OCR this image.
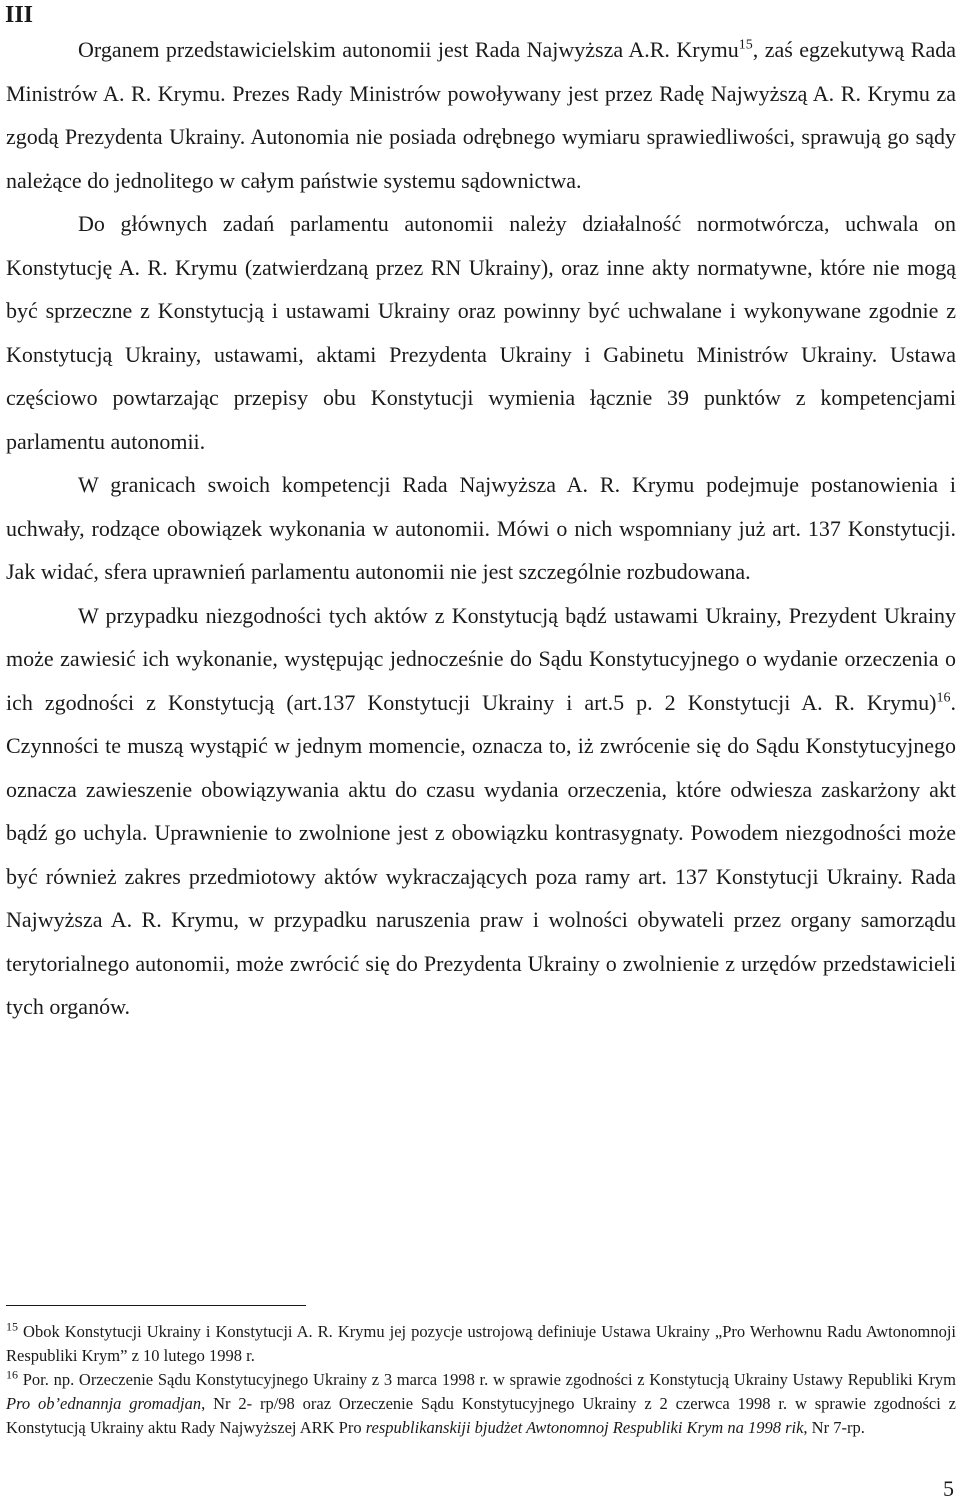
III

Organem przedstawicielskim autonomii jest Rada Najwyższa A.R. Krymu$^{15}$, zaś egzekutywą Rada Ministrów A. R. Krymu. Prezes Rady Ministrów powoływany jest przez Radę Najwyższą A. R. Krymu za zgodą Prezydenta Ukrainy. Autonomia nie posiada odrębnego wymiaru sprawiedliwości, sprawują go sądy należące do jednolitego w całym państwie systemu sądownictwa.

Do głównych zadań parlamentu autonomii należy działalność normotwórcza, uchwala on Konstytucję A. R. Krymu (zatwierdzaną przez RN Ukrainy), oraz inne akty normatywne, które nie mogą być sprzeczne z Konstytucją i ustawami Ukrainy oraz powinny być uchwalane i wykonywane zgodnie z Konstytucją Ukrainy, ustawami, aktami Prezydenta Ukrainy i Gabinetu Ministrów Ukrainy. Ustawa częściowo powtarzając przepisy obu Konstytucji wymienia łącznie 39 punktów z kompetencjami parlamentu autonomii.

W granicach swoich kompetencji Rada Najwyższa A. R. Krymu podejmuje postanowienia i uchwały, rodzące obowiązek wykonania w autonomii. Mówi o nich wspomniany już art. 137 Konstytucji. Jak widać, sfera uprawnień parlamentu autonomii nie jest szczególnie rozbudowana.

W przypadku niezgodności tych aktów z Konstytucją bądź ustawami Ukrainy, Prezydent Ukrainy może zawiesić ich wykonanie, występując jednocześnie do Sądu Konstytucyjnego o wydanie orzeczenia o ich zgodności z Konstytucją (art.137 Konstytucji Ukrainy i art.5 p. 2 Konstytucji A. R. Krymu)$^{16}$. Czynności te muszą wystąpić w jednym momencie, oznacza to, iż zwrócenie się do Sądu Konstytucyjnego oznacza zawieszenie obowiązywania aktu do czasu wydania orzeczenia, które odwiesza zaskarżony akt bądź go uchyla. Uprawnienie to zwolnione jest z obowiązku kontrasygnaty. Powodem niezgodności może być również zakres przedmiotowy aktów wykraczających poza ramy art. 137 Konstytucji Ukrainy. Rada Najwyższa A. R. Krymu, w przypadku naruszenia praw i wolności obywateli przez organy samorządu terytorialnego autonomii, może zwrócić się do Prezydenta Ukrainy o zwolnienie z urzędów przedstawicieli tych organów.

$^{15}$ Obok Konstytucji Ukrainy i Konstytucji A. R. Krymu jej pozycje ustrojową definiuje Ustawa Ukrainy „Pro Werhownu Radu Awtonomnoji Respubliki Krym” z 10 lutego 1998 r.

$^{16}$ Por. np. Orzeczenie Sądu Konstytucyjnego Ukrainy z 3 marca 1998 r. w sprawie zgodności z Konstytucją Ukrainy Ustawy Republiki Krym Pro ob’ednannja gromadjan, Nr 2- rp/98 oraz Orzeczenie Sądu Konstytucyjnego Ukrainy z 2 czerwca 1998 r. w sprawie zgodności z Konstytucją Ukrainy aktu Rady Najwyższej ARK Pro respublikanskiji bjudżet Awtonomnoj Respubliki Krym na 1998 rik, Nr 7-rp.

5
